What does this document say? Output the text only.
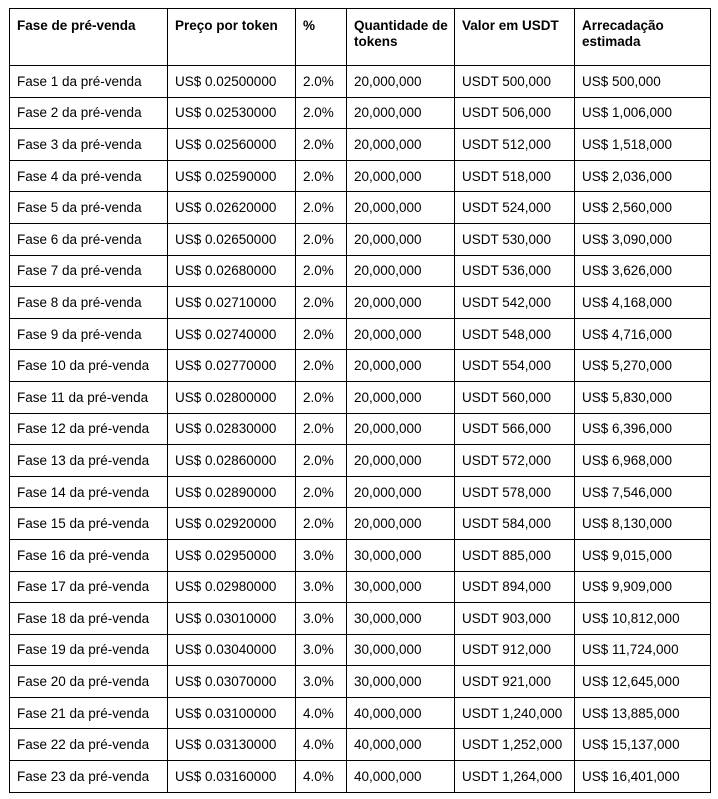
Fase de pré-venda	Preço por token	%	Quantidade de tokens	Valor em USDT	Arrecadação estimada
Fase 1 da pré-venda	US$ 0.02500000	2.0%	20,000,000	USDT 500,000	US$ 500,000
Fase 2 da pré-venda	US$ 0.02530000	2.0%	20,000,000	USDT 506,000	US$ 1,006,000
Fase 3 da pré-venda	US$ 0.02560000	2.0%	20,000,000	USDT 512,000	US$ 1,518,000
Fase 4 da pré-venda	US$ 0.02590000	2.0%	20,000,000	USDT 518,000	US$ 2,036,000
Fase 5 da pré-venda	US$ 0.02620000	2.0%	20,000,000	USDT 524,000	US$ 2,560,000
Fase 6 da pré-venda	US$ 0.02650000	2.0%	20,000,000	USDT 530,000	US$ 3,090,000
Fase 7 da pré-venda	US$ 0.02680000	2.0%	20,000,000	USDT 536,000	US$ 3,626,000
Fase 8 da pré-venda	US$ 0.02710000	2.0%	20,000,000	USDT 542,000	US$ 4,168,000
Fase 9 da pré-venda	US$ 0.02740000	2.0%	20,000,000	USDT 548,000	US$ 4,716,000
Fase 10 da pré-venda	US$ 0.02770000	2.0%	20,000,000	USDT 554,000	US$ 5,270,000
Fase 11 da pré-venda	US$ 0.02800000	2.0%	20,000,000	USDT 560,000	US$ 5,830,000
Fase 12 da pré-venda	US$ 0.02830000	2.0%	20,000,000	USDT 566,000	US$ 6,396,000
Fase 13 da pré-venda	US$ 0.02860000	2.0%	20,000,000	USDT 572,000	US$ 6,968,000
Fase 14 da pré-venda	US$ 0.02890000	2.0%	20,000,000	USDT 578,000	US$ 7,546,000
Fase 15 da pré-venda	US$ 0.02920000	2.0%	20,000,000	USDT 584,000	US$ 8,130,000
Fase 16 da pré-venda	US$ 0.02950000	3.0%	30,000,000	USDT 885,000	US$ 9,015,000
Fase 17 da pré-venda	US$ 0.02980000	3.0%	30,000,000	USDT 894,000	US$ 9,909,000
Fase 18 da pré-venda	US$ 0.03010000	3.0%	30,000,000	USDT 903,000	US$ 10,812,000
Fase 19 da pré-venda	US$ 0.03040000	3.0%	30,000,000	USDT 912,000	US$ 11,724,000
Fase 20 da pré-venda	US$ 0.03070000	3.0%	30,000,000	USDT 921,000	US$ 12,645,000
Fase 21 da pré-venda	US$ 0.03100000	4.0%	40,000,000	USDT 1,240,000	US$ 13,885,000
Fase 22 da pré-venda	US$ 0.03130000	4.0%	40,000,000	USDT 1,252,000	US$ 15,137,000
Fase 23 da pré-venda	US$ 0.03160000	4.0%	40,000,000	USDT 1,264,000	US$ 16,401,000
